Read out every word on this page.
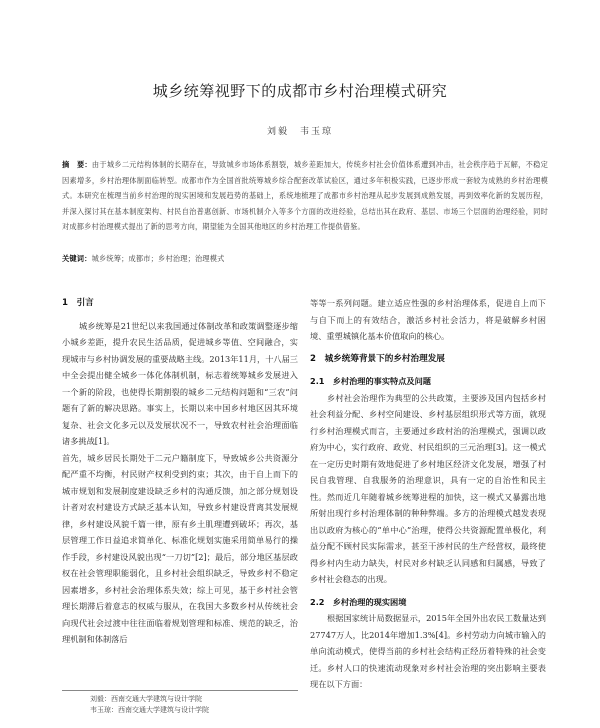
城乡统筹视野下的成都市乡村治理模式研究
刘毅　韦玉琼
摘　要：由于城乡二元结构体制的长期存在，导致城乡市场体系割裂，城乡差距加大，传统乡村社会价值体系遭到冲击，社会秩序趋于瓦解，不稳定因素增多，乡村治理体制面临转型。成都市作为全国首批统筹城乡综合配套改革试验区，通过多年积极实践，已逐步形成一套较为成熟的乡村治理模式。本研究在梳理当前乡村治理的现实困境和发展趋势的基础上，系统地梳理了成都市乡村治理从起步发展到成熟发展，再到效率化新的发展历程，并深入探讨其在基本制度架构、村民自治普惠创新、市场机制介入等多个方面的改进经验，总结出其在政府、基层、市场三个层面的治理经验，同时对成都乡村治理模式提出了新的思考方向，期望能为全国其他地区的乡村治理工作提供借鉴。
关键词：城乡统筹；成都市；乡村治理；治理模式
1　引言

城乡统筹是21世纪以来我国通过体制改革和政策调整逐步缩小城乡差距，提升农民生活品质，促进城乡等值、空间融合，实现城市与乡村协调发展的重要战略主线。2013年11月，十八届三中全会提出健全城乡一体化体制机制，标志着统筹城乡发展进入一个新的阶段，也使得长期割裂的城乡二元结构问题和“三农”问题有了新的解决思路。事实上，长期以来中国乡村地区因其环境复杂、社会文化多元以及发展状况不一，导致农村社会治理面临诸多挑战[1]。

首先，城乡居民长期处于二元户籍制度下，导致城乡公共资源分配严重不均衡，村民财产权利受到约束；其次，由于自上而下的城市规划和发展制度建设缺乏乡村的沟通反馈，加之部分规划设计者对农村建设方式缺乏基本认知，导致乡村建设背离其发展规律，乡村建设风貌千篇一律，原有乡土肌理遭到破坏；再次，基层管理工作日益追求简单化、标准化规划实施采用简单易行的操作手段，乡村建设风貌出现“一刀切”[2]；最后，部分地区基层政权在社会管理职能弱化，且乡村社会组织缺乏，导致乡村不稳定因素增多，乡村社会治理体系失效；综上可见，基于乡村社会管理长期滞后着意志的权威与服从，在我国大多数乡村从传统社会向现代社会过渡中往往面临着规划管理和标准、规范的缺乏，治理机制和体制落后

等等一系列问题。建立适应性强的乡村治理体系，促进自上而下与自下而上的有效结合，激活乡村社会活力，将是破解乡村困境、重塑城镇化基本价值取向的核心。

2　城乡统筹背景下的乡村治理发展
2.1　乡村治理的事实特点及问题

乡村社会治理作为典型的公共政策，主要涉及国内包括乡村社会利益分配、乡村空间建设、乡村基层组织形式等方面，就现行乡村治理模式而言，主要通过乡政村治的治理模式，强调以政府为中心，实行政府、政党、村民组织的三元治理[3]。这一模式在一定历史时期有效地促进了乡村地区经济文化发展，增强了村民自我管理、自我服务的治理意识，具有一定的自治性和民主性。然而近几年随着城乡统筹进程的加快，这一模式又暴露出地所射出现行乡村治理体制的种种弊端。多方的治理模式越发表现出以政府为核心的“单中心”治理，使得公共资源配置单极化，利益分配不顾村民实际需求，甚至干涉村民的生产经营权，最终使得乡村内生动力缺失，村民对乡村缺乏认同感和归属感，导致了乡村社会稳态的出现。

2.2　乡村治理的现实困境

根据国家统计局数据显示，2015年全国外出农民工数量达到27747万人，比2014年增加1.3%[4]。乡村劳动力向城市输入的单向流动模式，使得当前的乡村社会结构正经历着特殊的社会变迁。乡村人口的快速流动现象对乡村社会治理的突出影响主要表现在以下方面：

刘毅：西南交通大学建筑与设计学院
韦玉琼：西南交通大学建筑与设计学院
